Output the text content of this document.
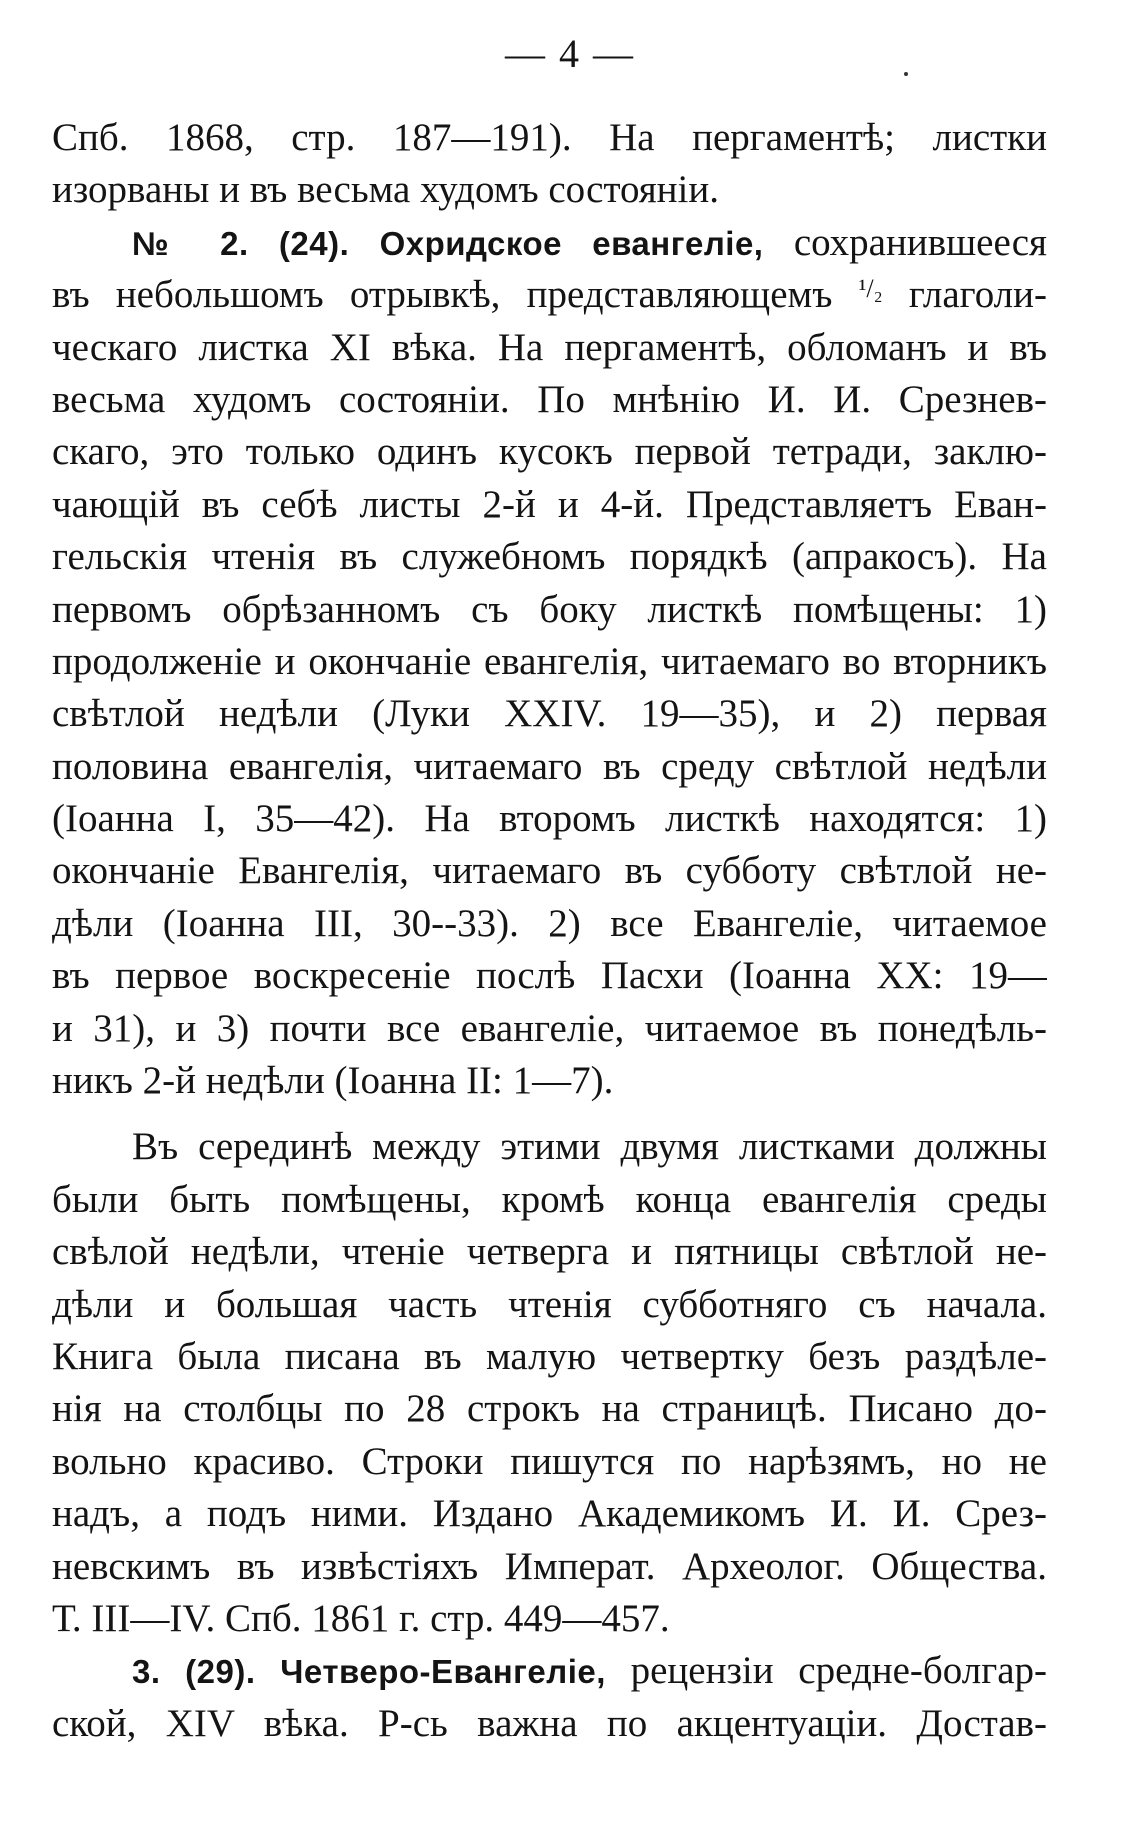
— 4 —
Спб. 1868, стр. 187—191). На пергаментѣ; листки
изорваны и въ весьма худомъ состояніи.
№ 2. (24). Охридское евангеліе, сохранившееся
въ небольшомъ отрывкѣ, представляющемъ $^{^1/_2}$ глаголи-
ческаго листка XI вѣка. На пергаментѣ, обломанъ и въ
весьма худомъ состояніи. По мнѣнію И. И. Срезнев-
скаго, это только одинъ кусокъ первой тетради, заклю-
чающій въ себѣ листы 2-й и 4-й. Представляетъ Еван-
гельскія чтенія въ служебномъ порядкѣ (апракосъ). На
первомъ обрѣзанномъ съ боку листкѣ помѣщены: 1)
продолженіе и окончаніе евангелія, читаемаго во вторникъ
свѣтлой недѣли (Луки XXIV. 19—35), и 2) первая
половина евангелія, читаемаго въ среду свѣтлой недѣли
(Іоанна I, 35—42). На второмъ листкѣ находятся: 1)
окончаніе Евангелія, читаемаго въ субботу свѣтлой не-
дѣли (Іоанна III, 30--33). 2) все Евангеліе, читаемое
въ первое воскресеніе послѣ Пасхи (Іоанна XX: 19—
и 31), и 3) почти все евангеліе, читаемое въ понедѣль-
никъ 2-й недѣли (Іоанна II: 1—7).
Въ серединѣ между этими двумя листками должны
были быть помѣщены, кромѣ конца евангелія среды
свѣлой недѣли, чтеніе четверга и пятницы свѣтлой не-
дѣли и большая часть чтенія субботняго съ начала.
Книга была писана въ малую четвертку безъ раздѣле-
нія на столбцы по 28 строкъ на страницѣ. Писано до-
вольно красиво. Строки пишутся по нарѣзямъ, но не
надъ, а подъ ними. Издано Академикомъ И. И. Срез-
невскимъ въ извѣстіяхъ Императ. Археолог. Общества.
Т. III—IV. Спб. 1861 г. стр. 449—457.
3. (29). Четверо-Евангеліе, рецензіи средне-болгар-
ской, XIV вѣка. Р-сь важна по акцентуаціи. Достав-
